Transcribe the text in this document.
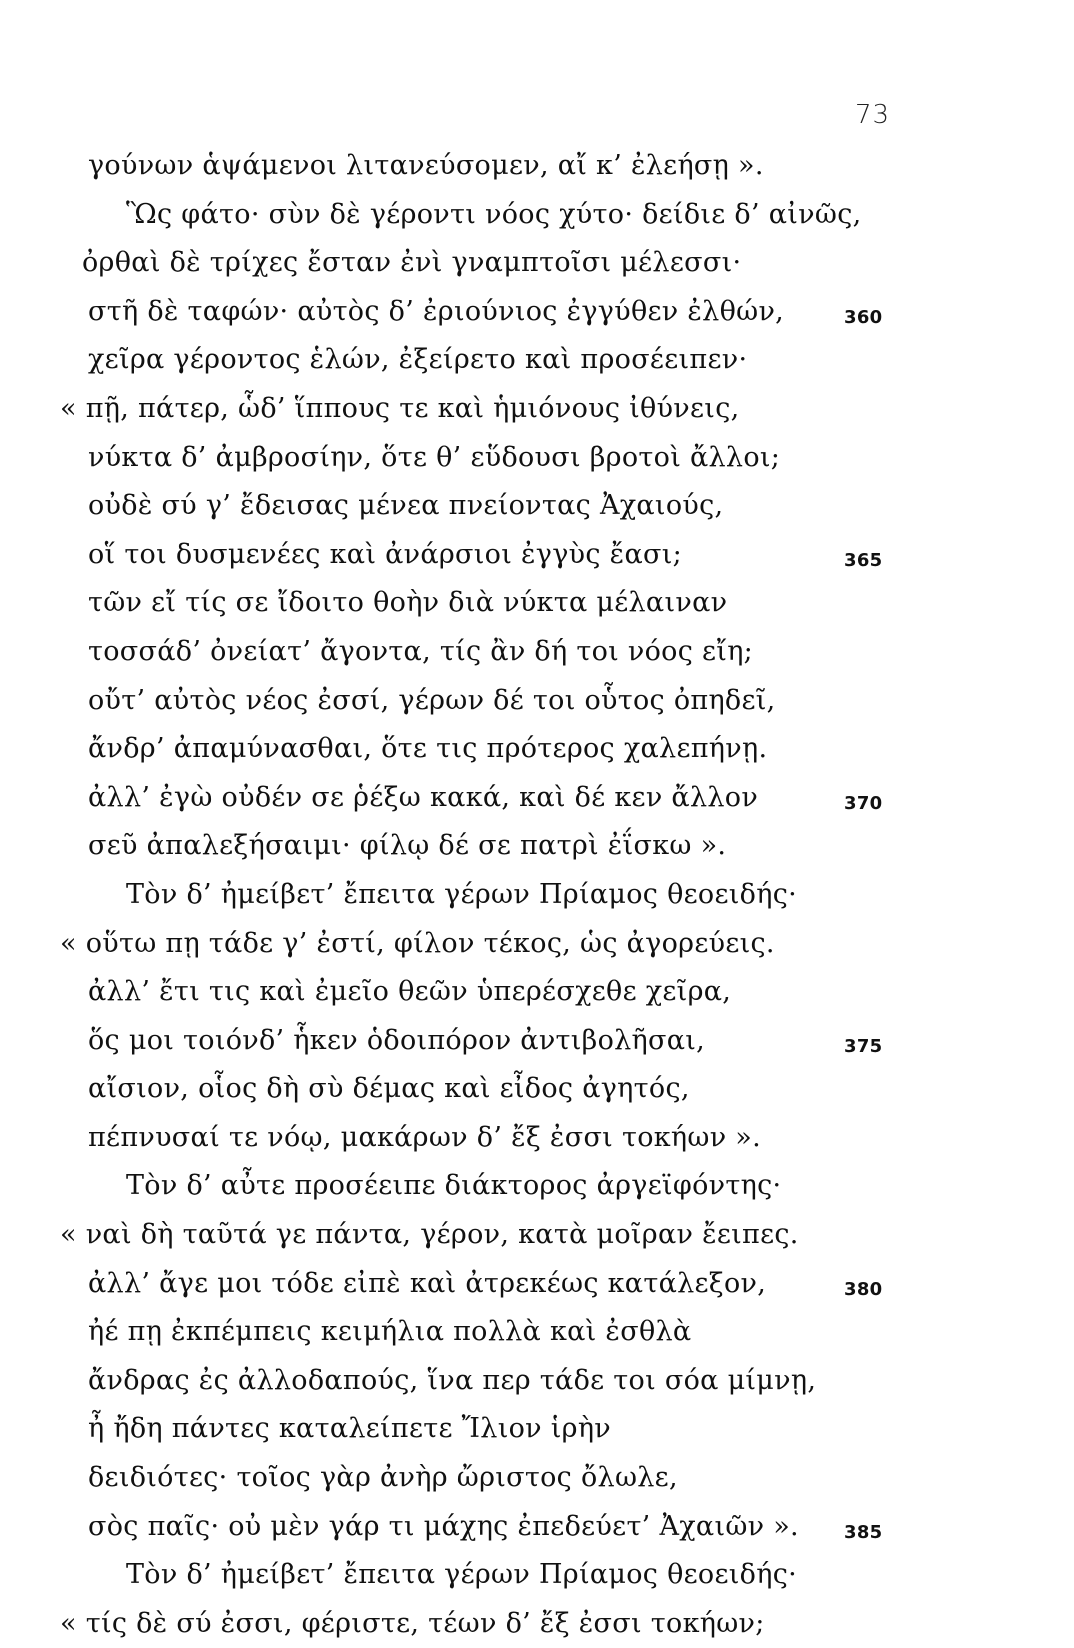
73
γούνων ἁψάμενοι λιτανεύσομεν, αἴ κ’ ἐλεήσῃ ».
Ὣς φάτο· σὺν δὲ γέροντι νόος χύτο· δείδιε δ’ αἰνῶς,
ὀρθαὶ δὲ τρίχες ἔσταν ἐνὶ γναμπτοῖσι μέλεσσι·
στῆ δὲ ταφών· αὐτὸς δ’ ἐριούνιος ἐγγύθεν ἐλθών,	360
χεῖρα γέροντος ἑλών, ἐξείρετο καὶ προσέειπεν·
« πῇ, πάτερ, ὧδ’ ἵππους τε καὶ ἡμιόνους ἰθύνεις,
νύκτα δ’ ἀμβροσίην, ὅτε θ’ εὕδουσι βροτοὶ ἄλλοι;
οὐδὲ σύ γ’ ἔδεισας μένεα πνείοντας Ἀχαιούς,
οἵ τοι δυσμενέες καὶ ἀνάρσιοι ἐγγὺς ἔασι;	365
τῶν εἴ τίς σε ἴδοιτο θοὴν διὰ νύκτα μέλαιναν
τοσσάδ’ ὀνείατ’ ἄγοντα, τίς ἂν δή τοι νόος εἴη;
οὔτ’ αὐτὸς νέος ἐσσί, γέρων δέ τοι οὗτος ὀπηδεῖ,
ἄνδρ’ ἀπαμύνασθαι, ὅτε τις πρότερος χαλεπήνῃ.
ἀλλ’ ἐγὼ οὐδέν σε ῥέξω κακά, καὶ δέ κεν ἄλλον	370
σεῦ ἀπαλεξήσαιμι· φίλῳ δέ σε πατρὶ ἐΐσκω ».
Τὸν δ’ ἠμείβετ’ ἔπειτα γέρων Πρίαμος θεοειδής·
« οὕτω πῃ τάδε γ’ ἐστί, φίλον τέκος, ὡς ἀγορεύεις.
ἀλλ’ ἔτι τις καὶ ἐμεῖο θεῶν ὑπερέσχεθε χεῖρα,
ὅς μοι τοιόνδ’ ἧκεν ὁδοιπόρον ἀντιβολῆσαι,	375
αἴσιον, οἷος δὴ σὺ δέμας καὶ εἶδος ἀγητός,
πέπνυσαί τε νόῳ, μακάρων δ’ ἔξ ἐσσι τοκήων ».
Τὸν δ’ αὖτε προσέειπε διάκτορος ἀργεϊφόντης·
« ναὶ δὴ ταῦτά γε πάντα, γέρον, κατὰ μοῖραν ἔειπες.
ἀλλ’ ἄγε μοι τόδε εἰπὲ καὶ ἀτρεκέως κατάλεξον,	380
ἠέ πῃ ἐκπέμπεις κειμήλια πολλὰ καὶ ἐσθλὰ
ἄνδρας ἐς ἀλλοδαπούς, ἵνα περ τάδε τοι σόα μίμνῃ,
ἦ ἤδη πάντες καταλείπετε Ἴλιον ἱρὴν
δειδιότες· τοῖος γὰρ ἀνὴρ ὤριστος ὄλωλε,
σὸς παῖς· οὐ μὲν γάρ τι μάχης ἐπεδεύετ’ Ἀχαιῶν ».	385
Τὸν δ’ ἠμείβετ’ ἔπειτα γέρων Πρίαμος θεοειδής·
« τίς δὲ σύ ἐσσι, φέριστε, τέων δ’ ἔξ ἐσσι τοκήων;
